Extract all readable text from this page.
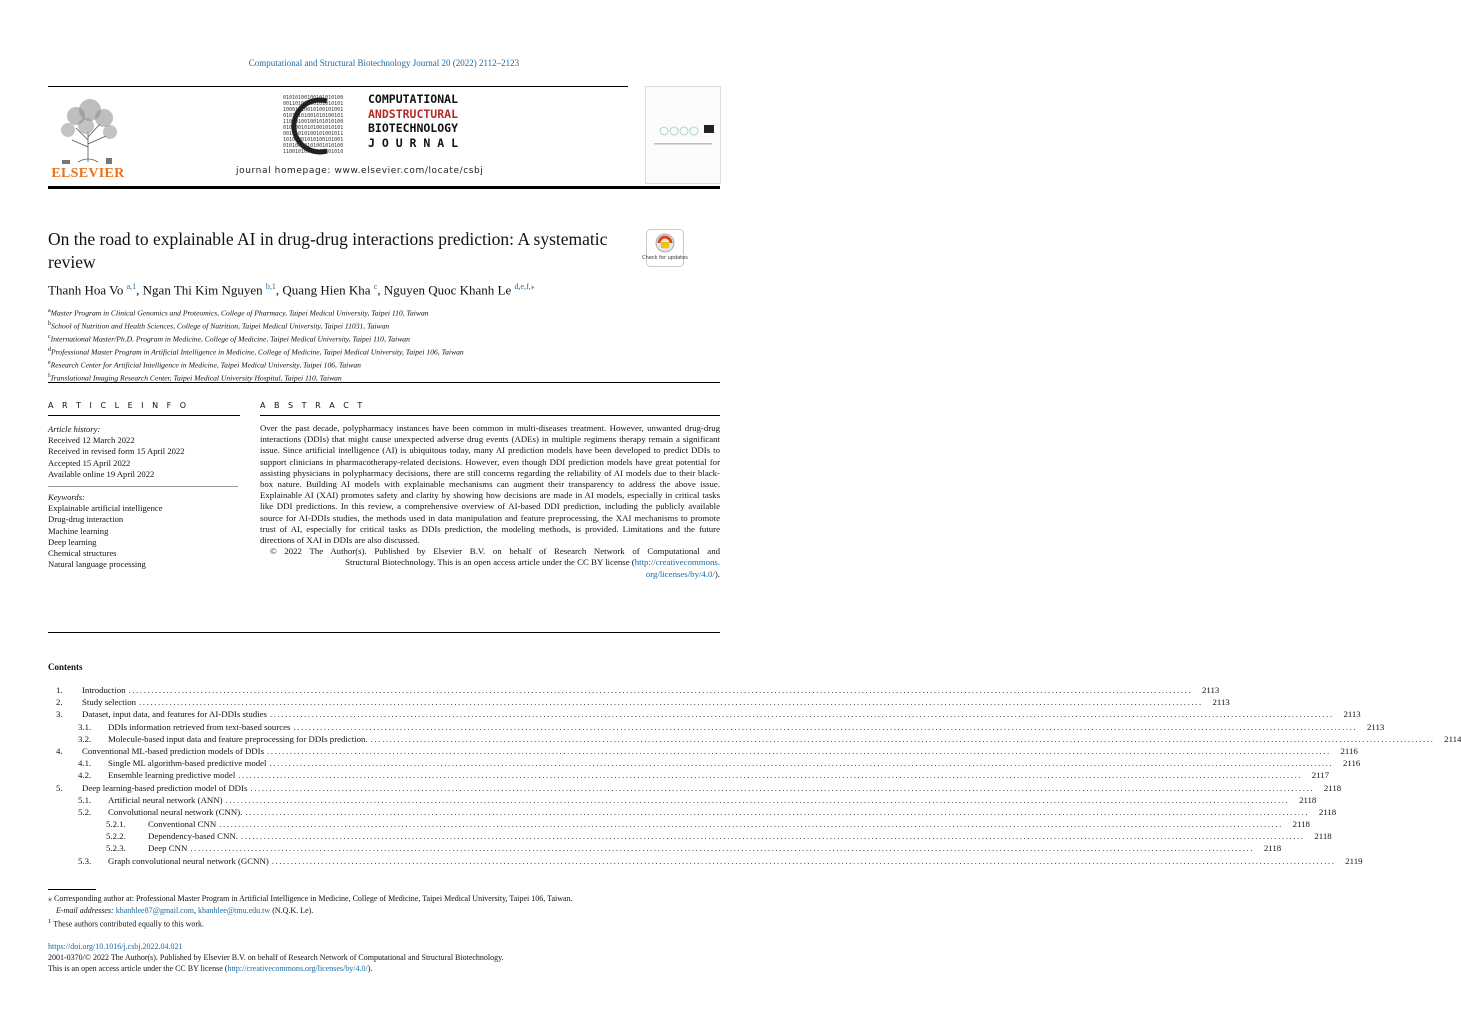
Computational and Structural Biotechnology Journal 20 (2022) 2112–2123
ELSEVIER
01010100100101010100
00110100100101010101
10001010010100101001
01010101001010100101
11010100100101010100
01010010101001010101
00101010100101001011
10101001010100101001
01010010101001010100
11001010010101001010
COMPUTATIONAL
ANDSTRUCTURAL
BIOTECHNOLOGY
J O U R N A L
journal homepage: www.elsevier.com/locate/csbj
On the road to explainable AI in drug-drug interactions prediction: A systematic review	Check for updates
Thanh Hoa Vo $^{a,1}$, Ngan Thi Kim Nguyen $^{b,1}$, Quang Hien Kha $^c$, Nguyen Quoc Khanh Le $^{d,e,f,⁎}$
$^a$Master Program in Clinical Genomics and Proteomics, College of Pharmacy, Taipei Medical University, Taipei 110, Taiwan
$^b$School of Nutrition and Health Sciences, College of Nutrition, Taipei Medical University, Taipei 11031, Taiwan
$^c$International Master/Ph.D. Program in Medicine, College of Medicine, Taipei Medical University, Taipei 110, Taiwan
$^d$Professional Master Program in Artificial Intelligence in Medicine, College of Medicine, Taipei Medical University, Taipei 106, Taiwan
$^e$Research Center for Artificial Intelligence in Medicine, Taipei Medical University, Taipei 106, Taiwan
$^f$Translational Imaging Research Center, Taipei Medical University Hospital, Taipei 110, Taiwan
A R T I C L E I N F O
Article history:
Received 12 March 2022
Received in revised form 15 April 2022
Accepted 15 April 2022
Available online 19 April 2022
Keywords:
Explainable artificial intelligence
Drug-drug interaction
Machine learning
Deep learning
Chemical structures
Natural language processing
A B S T R A C T

Over the past decade, polypharmacy instances have been common in multi-diseases treatment. However, unwanted drug-drug interactions (DDIs) that might cause unexpected adverse drug events (ADEs) in multiple regimens therapy remain a significant issue. Since artificial intelligence (AI) is ubiquitous today, many AI prediction models have been developed to predict DDIs to support clinicians in pharmacotherapy-related decisions. However, even though DDI prediction models have great potential for assisting physicians in polypharmacy decisions, there are still concerns regarding the reliability of AI models due to their black-box nature. Building AI models with explainable mechanisms can augment their transparency to address the above issue. Explainable AI (XAI) promotes safety and clarity by showing how decisions are made in AI models, especially in critical tasks like DDI predictions. In this review, a comprehensive overview of AI-based DDI prediction, including the publicly available source for AI-DDIs studies, the methods used in data manipulation and feature preprocessing, the XAI mechanisms to promote trust of AI, especially for critical tasks as DDIs prediction, the modeling methods, is provided. Limitations and the future directions of XAI in DDIs are also discussed.

© 2022 The Author(s). Published by Elsevier B.V. on behalf of Research Network of Computational and
Structural Biotechnology. This is an open access article under the CC BY license (http://creativecommons.
org/licenses/by/4.0/).
Contents
1.	Introduction .....	2113
2.	Study selection .....	2113
3.	Dataset, input data, and features for AI-DDIs studies .....	2113
3.1.	DDIs information retrieved from text-based sources .....	2113
3.2.	Molecule-based input data and feature preprocessing for DDIs prediction. .....	2114
4.	Conventional ML-based prediction models of DDIs .....	2116
4.1.	Single ML algorithm-based predictive model .....	2116
4.2.	Ensemble learning predictive model .....	2117
5.	Deep learning-based prediction model of DDIs .....	2118
5.1.	Artificial neural network (ANN) .....	2118
5.2.	Convolutional neural network (CNN). .....	2118
5.2.1.	Conventional CNN .....	2118
5.2.2.	Dependency-based CNN. .....	2118
5.2.3.	Deep CNN .....	2118
5.3.	Graph convolutional neural network (GCNN) .....	2119
⁎ Corresponding author at: Professional Master Program in Artificial Intelligence in Medicine, College of Medicine, Taipei Medical University, Taipei 106, Taiwan.
E-mail addresses: khanhlee87@gmail.com, khanhlee@tmu.edu.tw (N.Q.K. Le).
$^1$ These authors contributed equally to this work.
https://doi.org/10.1016/j.csbj.2022.04.021
2001-0370/© 2022 The Author(s). Published by Elsevier B.V. on behalf of Research Network of Computational and Structural Biotechnology.
This is an open access article under the CC BY license (http://creativecommons.org/licenses/by/4.0/).
